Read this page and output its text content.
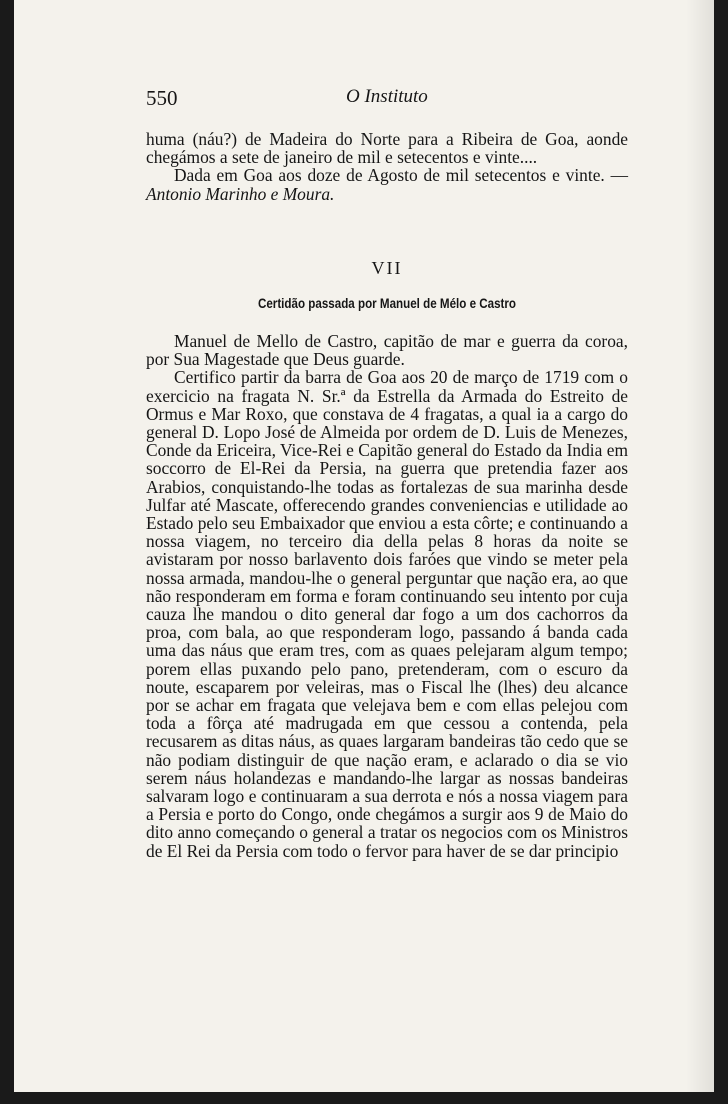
550	O Instituto

huma (náu?) de Madeira do Norte para a Ribeira de Goa, aonde chegámos a sete de janeiro de mil e setecentos e vinte....

Dada em Goa aos doze de Agosto de mil setecentos e vinte. — Antonio Marinho e Moura.

VII
Certidão passada por Manuel de Mélo e Castro

Manuel de Mello de Castro, capitão de mar e guerra da coroa, por Sua Magestade que Deus guarde.

Certifico partir da barra de Goa aos 20 de março de 1719 com o exercicio na fragata N. Sr.ª da Estrella da Armada do Estreito de Ormus e Mar Roxo, que constava de 4 fragatas, a qual ia a cargo do general D. Lopo José de Almeida por ordem de D. Luis de Menezes, Conde da Ericeira, Vice-Rei e Capitão general do Estado da India em soccorro de El-Rei da Persia, na guerra que pretendia fazer aos Arabios, conquistando-lhe todas as fortalezas de sua marinha desde Julfar até Mascate, offerecendo grandes conveniencias e utilidade ao Estado pelo seu Embaixador que enviou a esta côrte; e continuando a nossa viagem, no terceiro dia della pelas 8 horas da noite se avistaram por nosso barlavento dois faróes que vindo se meter pela nossa armada, mandou-lhe o general perguntar que nação era, ao que não responderam em forma e foram continuando seu intento por cuja cauza lhe mandou o dito general dar fogo a um dos cachorros da proa, com bala, ao que responderam logo, passando á banda cada uma das náus que eram tres, com as quaes pelejaram algum tempo; porem ellas puxando pelo pano, pretenderam, com o escuro da noute, escaparem por veleiras, mas o Fiscal lhe (lhes) deu alcance por se achar em fragata que velejava bem e com ellas pelejou com toda a fôrça até madrugada em que cessou a contenda, pela recusarem as ditas náus, as quaes largaram bandeiras tão cedo que se não podiam distinguir de que nação eram, e aclarado o dia se vio serem náus holandezas e mandando-lhe largar as nossas bandeiras salvaram logo e continuaram a sua derrota e nós a nossa viagem para a Persia e porto do Congo, onde chegámos a surgir aos 9 de Maio do dito anno começando o general a tratar os negocios com os Ministros de El Rei da Persia com todo o fervor para haver de se dar principio
